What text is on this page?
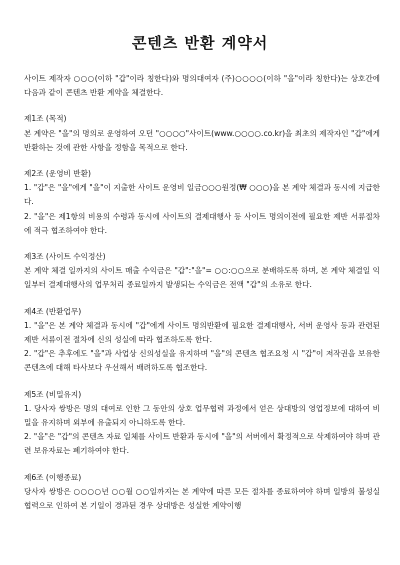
콘텐츠 반환 계약서

사이트 제작자 ○○○(이하 "갑"이라 칭한다)와 명의대여자 (주)○○○○(이하 "을"이라 칭한다)는 상호간에 다음과 같이 콘텐츠 반환 계약을 체결한다.

제1조 (목적)

본 계약은 "을"의 명의로 운영하여 오던 "○○○○"사이트(www.○○○○.co.kr)을 최초의 제작자인 "갑"에게 반환하는 것에 관한 사항을 정함을 목적으로 한다.

제2조 (운영비 반환)

1. "갑"은 "을"에게 "을"이 지출한 사이트 운영비 일금○○○원정(₩ ○○○)을 본 계약 체결과 동시에 지급한다.

2. "을"은 제1항의 비용의 수령과 동시에 사이트의 결제대행사 등 사이트 명의이전에 필요한 제반 서류절차에 적극 협조하여야 한다.

제3조 (사이트 수익정산)

본 계약 체결 일까지의 사이트 매출 수익금은 "갑":"을"= ○○:○○으로 분배하도록 하며, 본 계약 체결일 익일부터 결제대행사의 업무처리 종료일까지 발생되는 수익금은 전액 "갑"의 소유로 한다.

제4조 (반환업무)

1. "을"은 본 계약 체결과 동시에 "갑"에게 사이트 명의반환에 필요한 결제대행사, 서버 운영사 등과 관련된 제반 서류이전 절차에 신의 성실에 따라 협조하도록 한다.

2. "갑"은 추후에도 "을"과 사업상 신의성실을 유지하며 "을"의 콘텐츠 협조요청 시 "갑"이 저작권을 보유한 콘텐츠에 대해 타사보다 우선해서 배려하도록 협조한다.

제5조 (비밀유지)

1. 당사자 쌍방은 명의 대여로 인한 그 동안의 상호 업무협력 과정에서 얻은 상대방의 영업정보에 대하여 비밀을 유지하며 외부에 유출되지 아니하도록 한다.

2. "을"은 "갑"의 콘텐츠 자료 일체를 사이트 반환과 동시에 "을"의 서버에서 확정적으로 삭제하여야 하며 관련 보유자료는 폐기하여야 한다.

제6조 (이행종료)

당사자 쌍방은 ○○○○년 ○○월 ○○일까지는 본 계약에 따른 모든 절차를 종료하여야 하며 일방의 불성실 협력으로 인하여 본 기일이 경과된 경우 상대방은 성실한 계약이행
